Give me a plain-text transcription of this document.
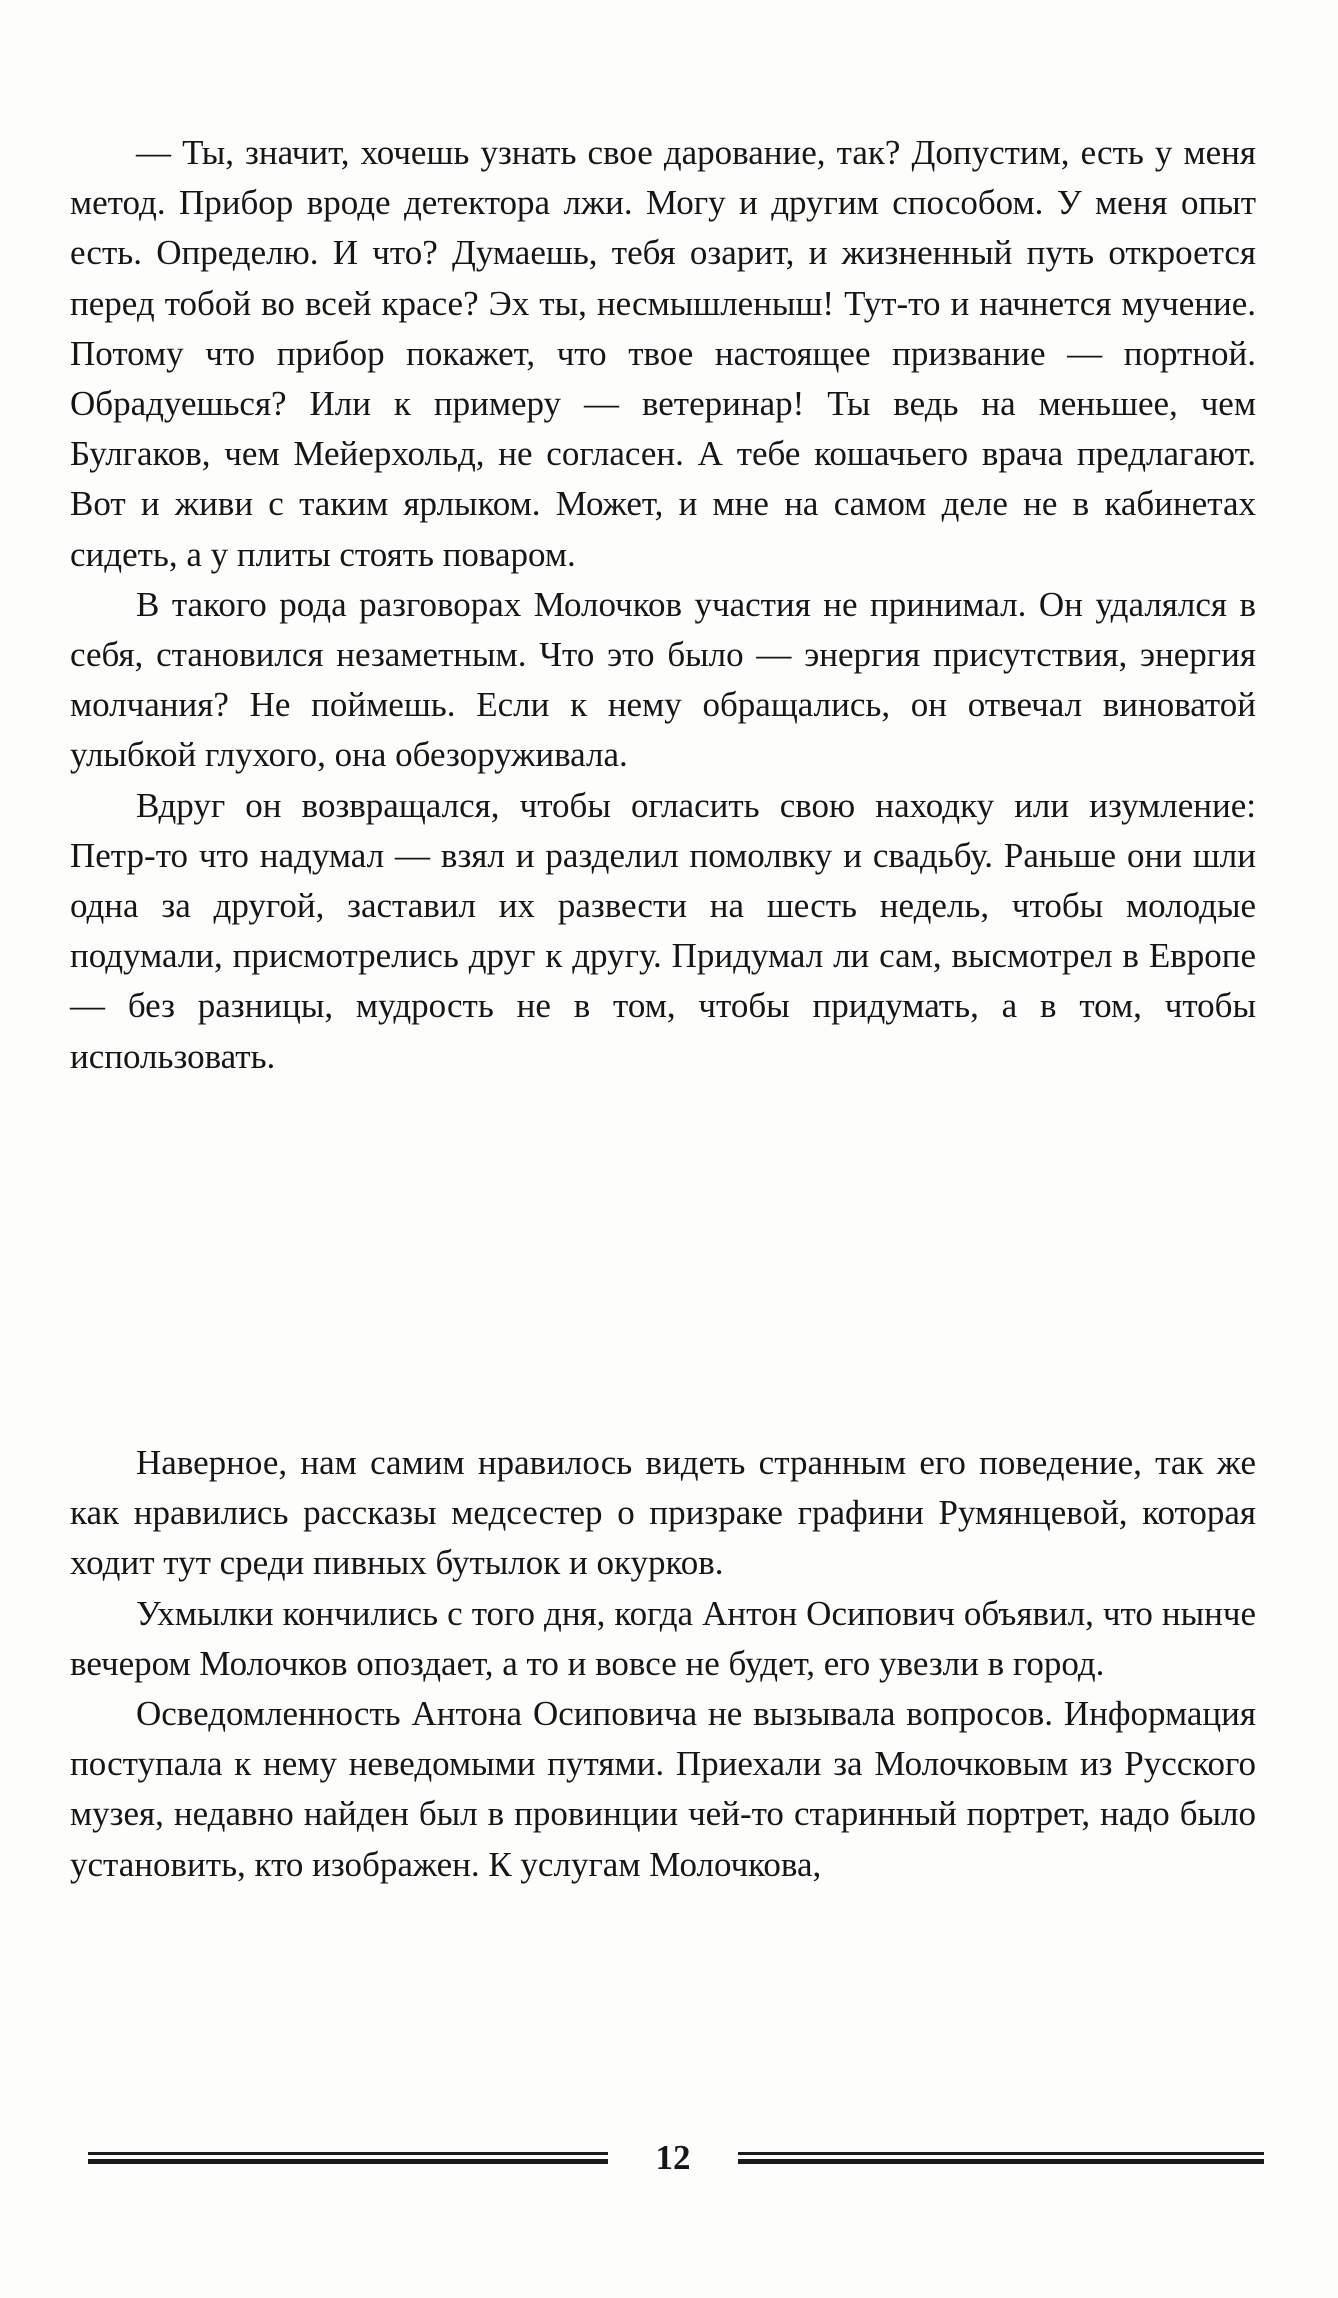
— Ты, значит, хочешь узнать свое дарование, так? Допустим, есть у меня метод. Прибор вроде детектора лжи. Могу и другим способом. У меня опыт есть. Определю. И что? Думаешь, тебя озарит, и жизненный путь откроется перед тобой во всей красе? Эх ты, несмышленыш! Тут-то и начнется мучение. Потому что прибор покажет, что твое настоящее призвание — портной. Обрадуешься? Или к примеру — ветеринар! Ты ведь на меньшее, чем Булгаков, чем Мейерхольд, не согласен. А тебе кошачьего врача предлагают. Вот и живи с таким ярлыком. Может, и мне на самом деле не в кабинетах сидеть, а у плиты стоять поваром.

В такого рода разговорах Молочков участия не принимал. Он удалялся в себя, становился незаметным. Что это было — энергия присутствия, энергия молчания? Не поймешь. Если к нему обращались, он отвечал виноватой улыбкой глухого, она обезоруживала.

Вдруг он возвращался, чтобы огласить свою находку или изумление: Петр-то что надумал — взял и разделил помолвку и свадьбу. Раньше они шли одна за другой, заставил их развести на шесть недель, чтобы молодые подумали, присмотрелись друг к другу. Придумал ли сам, высмотрел в Европе — без разницы, мудрость не в том, чтобы придумать, а в том, чтобы использовать.

Наверное, нам самим нравилось видеть странным его поведение, так же как нравились рассказы медсестер о призраке графини Румянцевой, которая ходит тут среди пивных бутылок и окурков.

Ухмылки кончились с того дня, когда Антон Осипович объявил, что нынче вечером Молочков опоздает, а то и вовсе не будет, его увезли в город.

Осведомленность Антона Осиповича не вызывала вопросов. Информация поступала к нему неведомыми путями. Приехали за Молочковым из Русского музея, недавно найден был в провинции чей-то старинный портрет, надо было установить, кто изображен. К услугам Молочкова,

12
